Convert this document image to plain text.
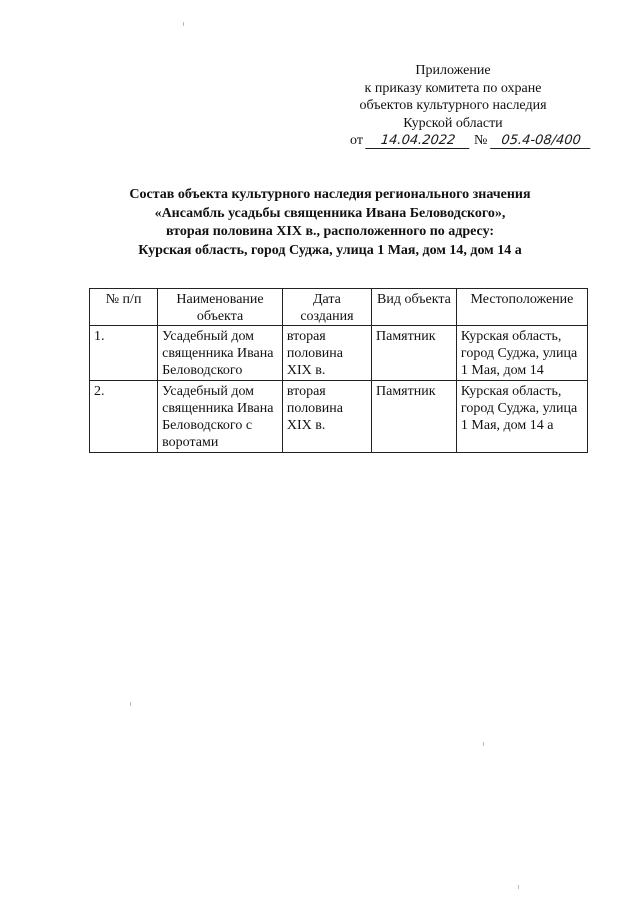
Приложение
к приказу комитета по охране
объектов культурного наследия
Курской области
от 14.04.2022 № 05.4-08/400
Состав объекта культурного наследия регионального значения
«Ансамбль усадьбы священника Ивана Беловодского»,
вторая половина XIX в., расположенного по адресу:
Курская область, город Суджа, улица 1 Мая, дом 14, дом 14 а
№ п/п	Наименование объекта	Дата создания	Вид объекта	Местоположение
1.	Усадебный дом священника Ивана Беловодского	вторая половина XIX в.	Памятник	Курская область, город Суджа, улица 1 Мая, дом 14
2.	Усадебный дом священника Ивана Беловодского с воротами	вторая половина XIX в.	Памятник	Курская область, город Суджа, улица 1 Мая, дом 14 а
